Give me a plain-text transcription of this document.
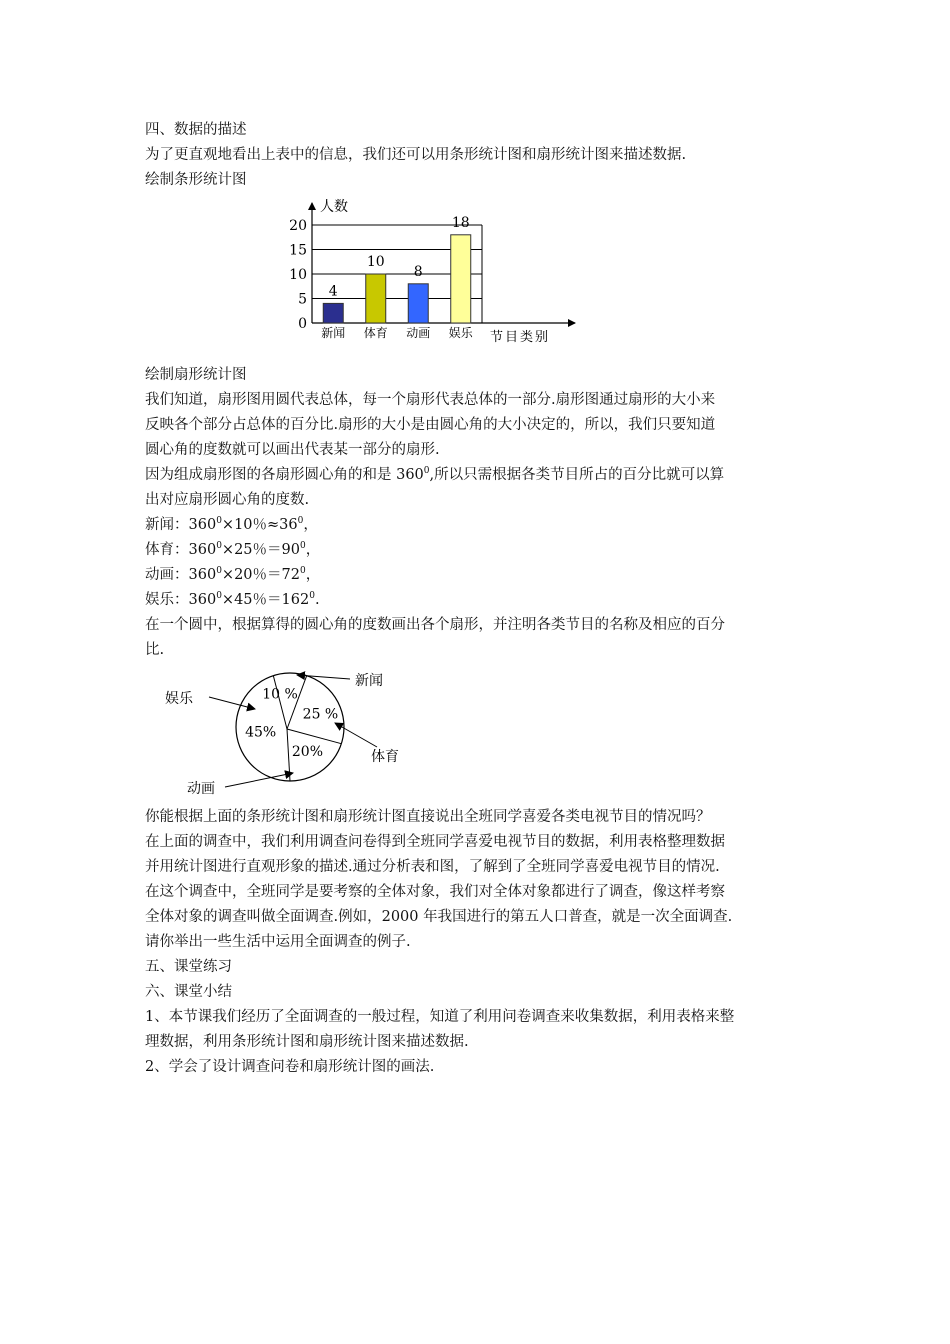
四、数据的描述
为了更直观地看出上表中的信息，我们还可以用条形统计图和扇形统计图来描述数据.
绘制条形统计图
0
5
10
15
20
人数
节目类别
4
新闻
10
体育
8
动画
18
娱乐
绘制扇形统计图
我们知道，扇形图用圆代表总体，每一个扇形代表总体的一部分.扇形图通过扇形的大小来
反映各个部分占总体的百分比.扇形的大小是由圆心角的大小决定的，所以，我们只要知道
圆心角的度数就可以画出代表某一部分的扇形.
因为组成扇形图的各扇形圆心角的和是 $360^0$,所以只需根据各类节目所占的百分比就可以算
出对应扇形圆心角的度数.
新闻：$360^0\times 10$％$\approx 36^0$，
体育：$360^0\times 25$％$=90^0$，
动画：$360^0\times 20$％$=72^0$，
娱乐：$360^0\times 45$％$=162^0$.
在一个圆中，根据算得的圆心角的度数画出各个扇形，并注明各类节目的名称及相应的百分
比.
10 %
25 %
20%
45%
新闻
体育
动画
娱乐
你能根据上面的条形统计图和扇形统计图直接说出全班同学喜爱各类电视节目的情况吗？
在上面的调查中，我们利用调查问卷得到全班同学喜爱电视节目的数据，利用表格整理数据
并用统计图进行直观形象的描述.通过分析表和图，了解到了全班同学喜爱电视节目的情况.
在这个调查中，全班同学是要考察的全体对象，我们对全体对象都进行了调查，像这样考察
全体对象的调查叫做全面调查.例如，2000 年我国进行的第五人口普查，就是一次全面调查.
请你举出一些生活中运用全面调查的例子.
五、课堂练习
六、课堂小结
1、本节课我们经历了全面调查的一般过程，知道了利用问卷调查来收集数据，利用表格来整
理数据，利用条形统计图和扇形统计图来描述数据.
2、学会了设计调查问卷和扇形统计图的画法.
